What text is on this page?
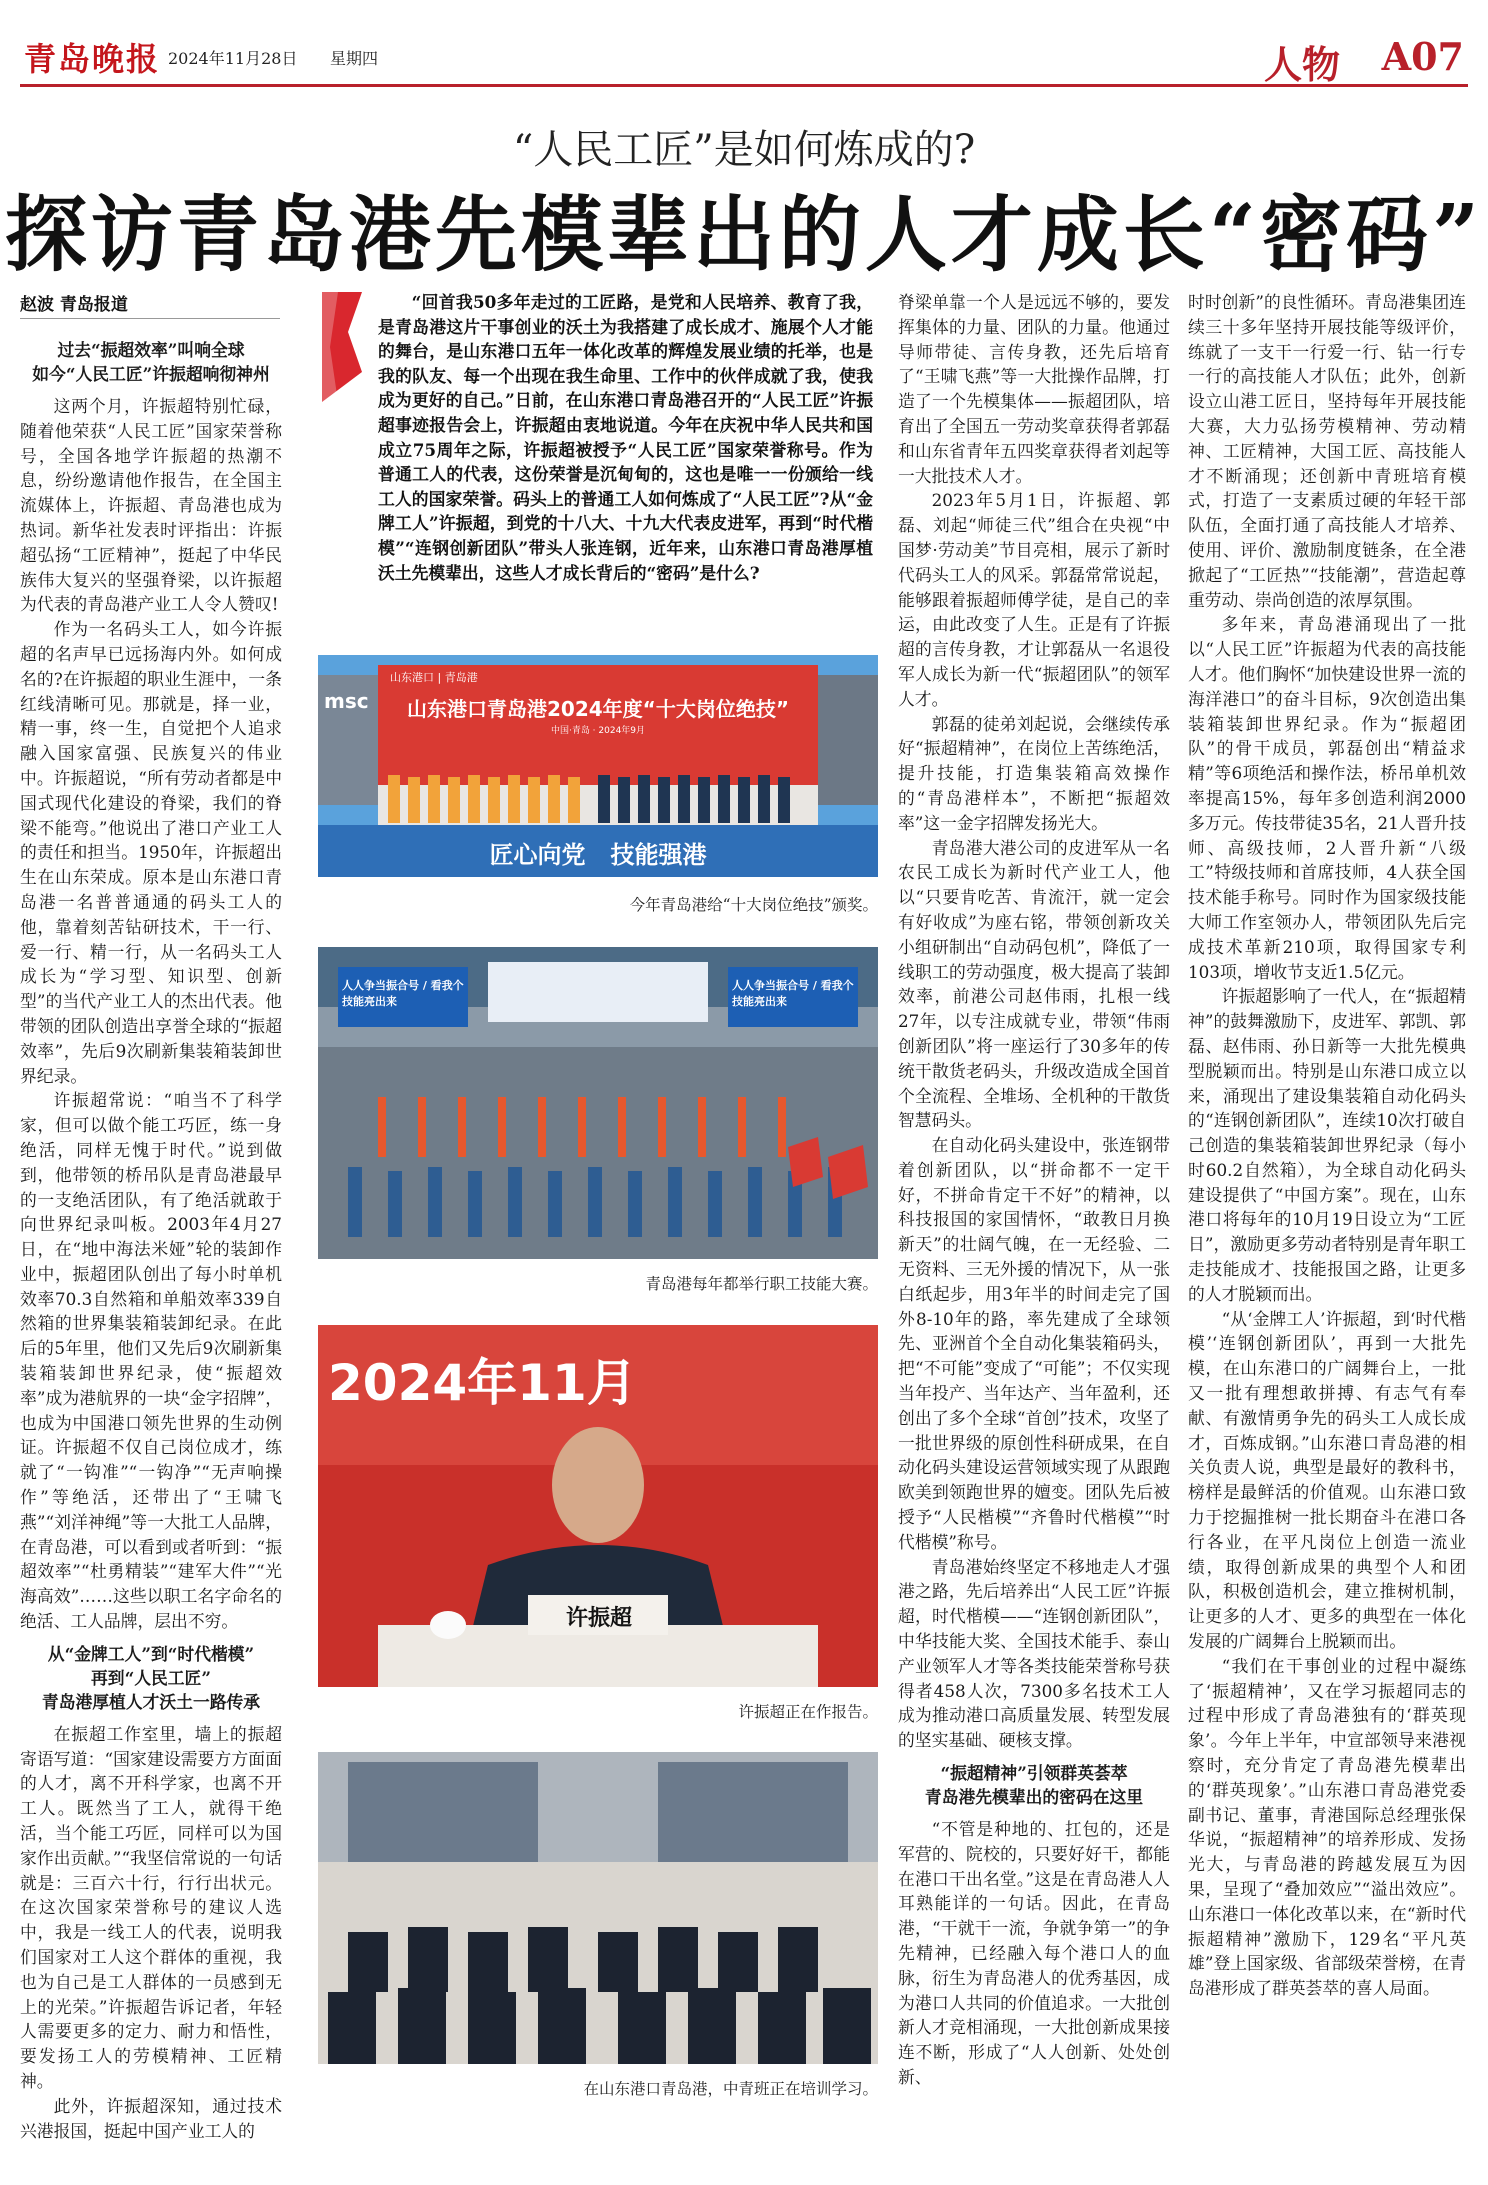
青岛晚报 2024年11月28日 星期四	人物 A07
“人民工匠”是如何炼成的?
探访青岛港先模辈出的人才成长“密码”
赵波 青岛报道	“回首我50多年走过的工匠路，是党和人民培养、教育了我，是青岛港这片干事创业的沃土为我搭建了成长成才、施展个人才能的舞台，是山东港口五年一体化改革的辉煌发展业绩的托举，也是我的队友、每一个出现在我生命里、工作中的伙伴成就了我，使我成为更好的自己。”日前，在山东港口青岛港召开的“人民工匠”许振超事迹报告会上，许振超由衷地说道。今年在庆祝中华人民共和国成立75周年之际，许振超被授予“人民工匠”国家荣誉称号。作为普通工人的代表，这份荣誉是沉甸甸的，这也是唯一一份颁给一线工人的国家荣誉。码头上的普通工人如何炼成了“人民工匠”?从“金牌工人”许振超，到党的十八大、十九大代表皮进军，再到“时代楷模”“连钢创新团队”带头人张连钢，近年来，山东港口青岛港厚植沃土先模辈出，这些人才成长背后的“密码”是什么?

过去“振超效率”叫响全球
如今“人民工匠”许振超响彻神州

这两个月，许振超特别忙碌，随着他荣获“人民工匠”国家荣誉称号，全国各地学许振超的热潮不息，纷纷邀请他作报告，在全国主流媒体上，许振超、青岛港也成为热词。新华社发表时评指出：许振超弘扬“工匠精神”，挺起了中华民族伟大复兴的坚强脊梁，以许振超为代表的青岛港产业工人令人赞叹!

作为一名码头工人，如今许振超的名声早已远扬海内外。如何成名的?在许振超的职业生涯中，一条红线清晰可见。那就是，择一业，精一事，终一生，自觉把个人追求融入国家富强、民族复兴的伟业中。许振超说，“所有劳动者都是中国式现代化建设的脊梁，我们的脊梁不能弯。”他说出了港口产业工人的责任和担当。1950年，许振超出生在山东荣成。原本是山东港口青岛港一名普普通通的码头工人的他，靠着刻苦钻研技术，干一行、爱一行、精一行，从一名码头工人成长为“学习型、知识型、创新型”的当代产业工人的杰出代表。他带领的团队创造出享誉全球的“振超效率”，先后9次刷新集装箱装卸世界纪录。

许振超常说：“咱当不了科学家，但可以做个能工巧匠，练一身绝活，同样无愧于时代。”说到做到，他带领的桥吊队是青岛港最早的一支绝活团队，有了绝活就敢于向世界纪录叫板。2003年4月27日，在“地中海法米娅”轮的装卸作业中，振超团队创出了每小时单机效率70.3自然箱和单船效率339自然箱的世界集装箱装卸纪录。在此后的5年里，他们又先后9次刷新集装箱装卸世界纪录，使“振超效率”成为港航界的一块“金字招牌”，也成为中国港口领先世界的生动例证。许振超不仅自己岗位成才，练就了“一钩准”“一钩净”“无声响操作”等绝活，还带出了“王啸飞燕”“刘洋神绳”等一大批工人品牌，在青岛港，可以看到或者听到：“振超效率”“杜勇精装”“建军大件”“光海高效”……这些以职工名字命名的绝活、工人品牌，层出不穷。

从“金牌工人”到“时代楷模”
再到“人民工匠”
青岛港厚植人才沃土一路传承

在振超工作室里，墙上的振超寄语写道：“国家建设需要方方面面的人才，离不开科学家，也离不开工人。既然当了工人，就得干绝活，当个能工巧匠，同样可以为国家作出贡献。”“我坚信常说的一句话就是：三百六十行，行行出状元。在这次国家荣誉称号的建议人选中，我是一线工人的代表，说明我们国家对工人这个群体的重视，我也为自己是工人群体的一员感到无上的光荣。”许振超告诉记者，年轻人需要更多的定力、耐力和悟性，要发扬工人的劳模精神、工匠精神。

此外，许振超深知，通过技术兴港报国，挺起中国产业工人的

山东港口 | 青岛港
山东港口青岛港2024年度“十大岗位绝技”
中国·青岛 · 2024年9月
msc
匠心向党   技能强港
今年青岛港给“十大岗位绝技”颁奖。
人人争当振合号 / 看我个技能亮出来
人人争当振合号 / 看我个技能亮出来
青岛港每年都举行职工技能大赛。
2024年11月
许振超
许振超正在作报告。
在山东港口青岛港，中青班正在培训学习。

脊梁单靠一个人是远远不够的，要发挥集体的力量、团队的力量。他通过导师带徒、言传身教，还先后培育了“王啸飞燕”等一大批操作品牌，打造了一个先模集体——振超团队，培育出了全国五一劳动奖章获得者郭磊和山东省青年五四奖章获得者刘起等一大批技术人才。

2023年5月1日，许振超、郭磊、刘起“师徒三代”组合在央视“中国梦·劳动美”节目亮相，展示了新时代码头工人的风采。郭磊常常说起，能够跟着振超师傅学徒，是自己的幸运，由此改变了人生。正是有了许振超的言传身教，才让郭磊从一名退役军人成长为新一代“振超团队”的领军人才。

郭磊的徒弟刘起说，会继续传承好“振超精神”，在岗位上苦练绝活，提升技能，打造集装箱高效操作的“青岛港样本”，不断把“振超效率”这一金字招牌发扬光大。

青岛港大港公司的皮进军从一名农民工成长为新时代产业工人，他以“只要肯吃苦、肯流汗，就一定会有好收成”为座右铭，带领创新攻关小组研制出“自动码包机”，降低了一线职工的劳动强度，极大提高了装卸效率，前港公司赵伟雨，扎根一线27年，以专注成就专业，带领“伟雨创新团队”将一座运行了30多年的传统干散货老码头，升级改造成全国首个全流程、全堆场、全机种的干散货智慧码头。

在自动化码头建设中，张连钢带着创新团队，以“拼命都不一定干好，不拼命肯定干不好”的精神，以科技报国的家国情怀，“敢教日月换新天”的壮阔气魄，在一无经验、二无资料、三无外援的情况下，从一张白纸起步，用3年半的时间走完了国外8-10年的路，率先建成了全球领先、亚洲首个全自动化集装箱码头，把“不可能”变成了“可能”；不仅实现当年投产、当年达产、当年盈利，还创出了多个全球“首创”技术，攻坚了一批世界级的原创性科研成果，在自动化码头建设运营领域实现了从跟跑欧美到领跑世界的嬗变。团队先后被授予“人民楷模”“齐鲁时代楷模”“时代楷模”称号。

青岛港始终坚定不移地走人才强港之路，先后培养出“人民工匠”许振超，时代楷模——“连钢创新团队”，中华技能大奖、全国技术能手、泰山产业领军人才等各类技能荣誉称号获得者458人次，7300多名技术工人成为推动港口高质量发展、转型发展的坚实基础、硬核支撑。

“振超精神”引领群英荟萃
青岛港先模辈出的密码在这里

“不管是种地的、扛包的，还是军营的、院校的，只要好好干，都能在港口干出名堂。”这是在青岛港人人耳熟能详的一句话。因此，在青岛港，“干就干一流，争就争第一”的争先精神，已经融入每个港口人的血脉，衍生为青岛港人的优秀基因，成为港口人共同的价值追求。一大批创新人才竞相涌现，一大批创新成果接连不断，形成了“人人创新、处处创新、

时时创新”的良性循环。青岛港集团连续三十多年坚持开展技能等级评价，练就了一支干一行爱一行、钻一行专一行的高技能人才队伍；此外，创新设立山港工匠日，坚持每年开展技能大赛，大力弘扬劳模精神、劳动精神、工匠精神，大国工匠、高技能人才不断涌现；还创新中青班培育模式，打造了一支素质过硬的年轻干部队伍，全面打通了高技能人才培养、使用、评价、激励制度链条，在全港掀起了“工匠热”“技能潮”，营造起尊重劳动、崇尚创造的浓厚氛围。

多年来，青岛港涌现出了一批以“人民工匠”许振超为代表的高技能人才。他们胸怀“加快建设世界一流的海洋港口”的奋斗目标，9次创造出集装箱装卸世界纪录。作为“振超团队”的骨干成员，郭磊创出“精益求精”等6项绝活和操作法，桥吊单机效率提高15%，每年多创造利润2000多万元。传技带徒35名，21人晋升技师、高级技师，2人晋升新“八级工”特级技师和首席技师，4人获全国技术能手称号。同时作为国家级技能大师工作室领办人，带领团队先后完成技术革新210项，取得国家专利103项，增收节支近1.5亿元。

许振超影响了一代人，在“振超精神”的鼓舞激励下，皮进军、郭凯、郭磊、赵伟雨、孙日新等一大批先模典型脱颖而出。特别是山东港口成立以来，涌现出了建设集装箱自动化码头的“连钢创新团队”，连续10次打破自己创造的集装箱装卸世界纪录（每小时60.2自然箱），为全球自动化码头建设提供了“中国方案”。现在，山东港口将每年的10月19日设立为“工匠日”，激励更多劳动者特别是青年职工走技能成才、技能报国之路，让更多的人才脱颖而出。

“从‘金牌工人’许振超，到‘时代楷模’‘连钢创新团队’，再到一大批先模，在山东港口的广阔舞台上，一批又一批有理想敢拼搏、有志气有奉献、有激情勇争先的码头工人成长成才，百炼成钢。”山东港口青岛港的相关负责人说，典型是最好的教科书，榜样是最鲜活的价值观。山东港口致力于挖掘推树一批长期奋斗在港口各行各业，在平凡岗位上创造一流业绩，取得创新成果的典型个人和团队，积极创造机会，建立推树机制，让更多的人才、更多的典型在一体化发展的广阔舞台上脱颖而出。

“我们在干事创业的过程中凝练了‘振超精神’，又在学习振超同志的过程中形成了青岛港独有的‘群英现象’。今年上半年，中宣部领导来港视察时，充分肯定了青岛港先模辈出的‘群英现象’。”山东港口青岛港党委副书记、董事，青港国际总经理张保华说，“振超精神”的培养形成、发扬光大，与青岛港的跨越发展互为因果，呈现了“叠加效应”“溢出效应”。山东港口一体化改革以来，在“新时代振超精神”激励下，129名“平凡英雄”登上国家级、省部级荣誉榜，在青岛港形成了群英荟萃的喜人局面。
